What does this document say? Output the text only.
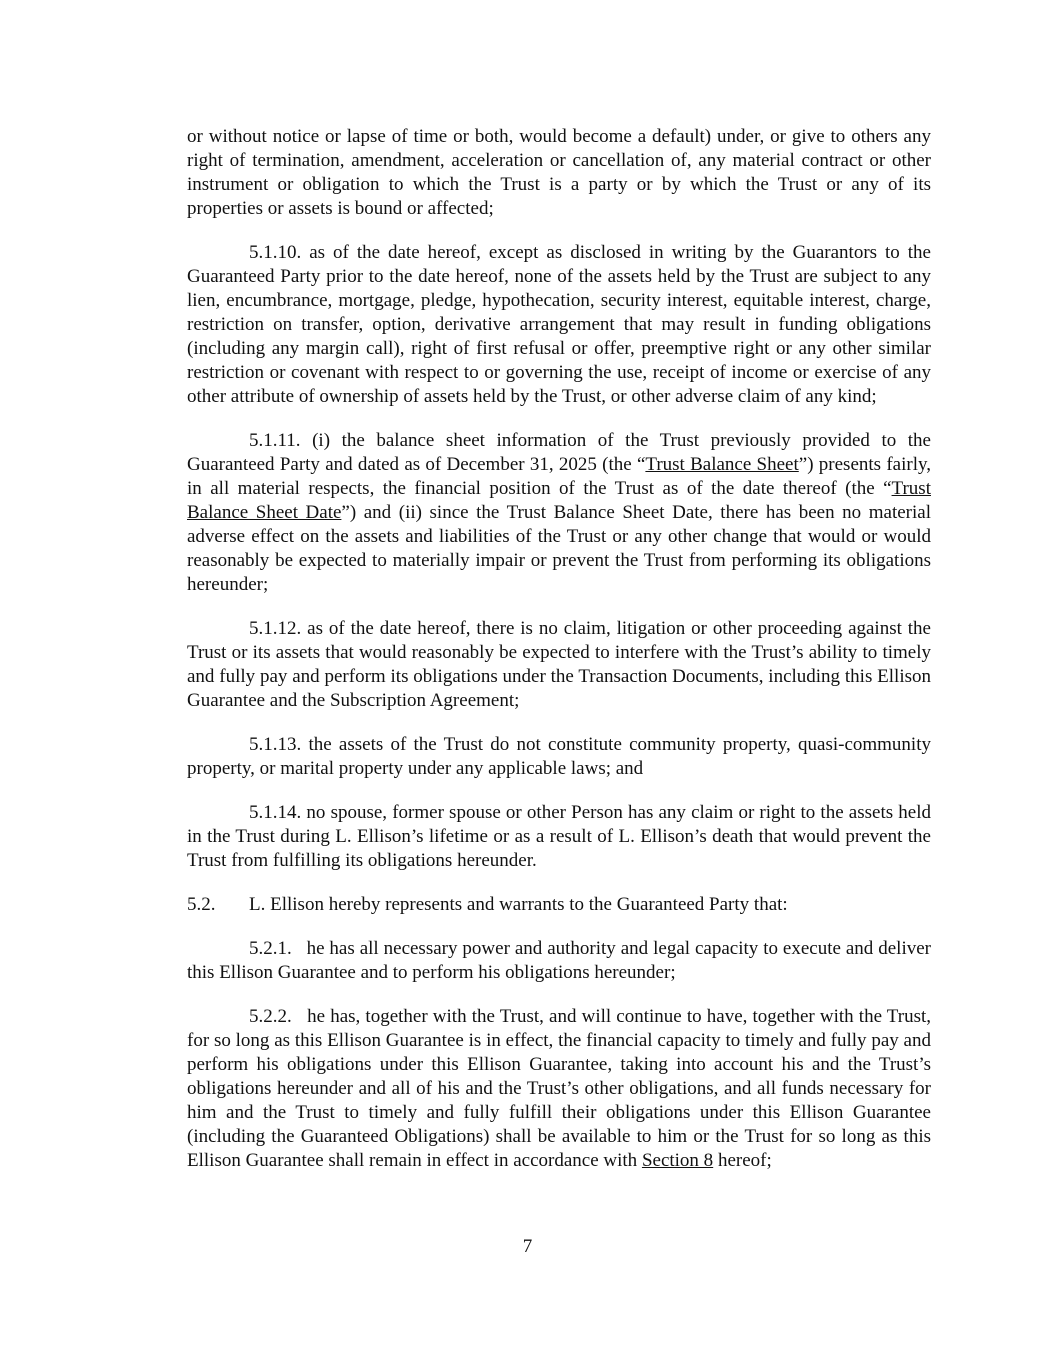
or without notice or lapse of time or both, would become a default) under, or give to others any right of termination, amendment, acceleration or cancellation of, any material contract or other instrument or obligation to which the Trust is a party or by which the Trust or any of its properties or assets is bound or affected;

5.1.10. as of the date hereof, except as disclosed in writing by the Guarantors to the Guaranteed Party prior to the date hereof, none of the assets held by the Trust are subject to any lien, encumbrance, mortgage, pledge, hypothecation, security interest, equitable interest, charge, restriction on transfer, option, derivative arrangement that may result in funding obligations (including any margin call), right of first refusal or offer, preemptive right or any other similar restriction or covenant with respect to or governing the use, receipt of income or exercise of any other attribute of ownership of assets held by the Trust, or other adverse claim of any kind;

5.1.11. (i) the balance sheet information of the Trust previously provided to the Guaranteed Party and dated as of December 31, 2025 (the “Trust Balance Sheet”) presents fairly, in all material respects, the financial position of the Trust as of the date thereof (the “Trust Balance Sheet Date”) and (ii) since the Trust Balance Sheet Date, there has been no material adverse effect on the assets and liabilities of the Trust or any other change that would or would reasonably be expected to materially impair or prevent the Trust from performing its obligations hereunder;

5.1.12. as of the date hereof, there is no claim, litigation or other proceeding against the Trust or its assets that would reasonably be expected to interfere with the Trust’s ability to timely and fully pay and perform its obligations under the Transaction Documents, including this Ellison Guarantee and the Subscription Agreement;

5.1.13. the assets of the Trust do not constitute community property, quasi-community property, or marital property under any applicable laws; and

5.1.14. no spouse, former spouse or other Person has any claim or right to the assets held in the Trust during L. Ellison’s lifetime or as a result of L. Ellison’s death that would prevent the Trust from fulfilling its obligations hereunder.

5.2.	L. Ellison hereby represents and warrants to the Guaranteed Party that:

5.2.1.   he has all necessary power and authority and legal capacity to execute and deliver this Ellison Guarantee and to perform his obligations hereunder;

5.2.2.   he has, together with the Trust, and will continue to have, together with the Trust, for so long as this Ellison Guarantee is in effect, the financial capacity to timely and fully pay and perform his obligations under this Ellison Guarantee, taking into account his and the Trust’s obligations hereunder and all of his and the Trust’s other obligations, and all funds necessary for him and the Trust to timely and fully fulfill their obligations under this Ellison Guarantee (including the Guaranteed Obligations) shall be available to him or the Trust for so long as this Ellison Guarantee shall remain in effect in accordance with Section 8 hereof;

7
